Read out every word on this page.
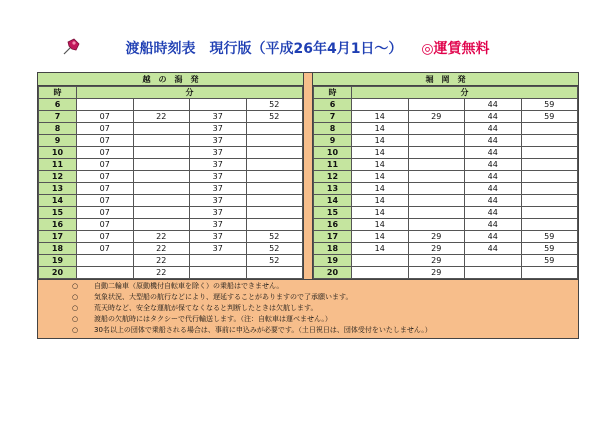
渡船時刻表　現行版（平成26年4月1日～） ◎運賃無料
越　の　潟　発	堀　岡　発
時	分			
6				52
7	07	22	37	52
8	07		37	
9	07		37	
10	07		37	
11	07		37	
12	07		37	
13	07		37	
14	07		37	
15	07		37	
16	07		37	
17	07	22	37	52
18	07	22	37	52
19		22		52
20		22		
時	分			
6			44	59
7	14	29	44	59
8	14		44	
9	14		44	
10	14		44	
11	14		44	
12	14		44	
13	14		44	
14	14		44	
15	14		44	
16	14		44	
17	14	29	44	59
18	14	29	44	59
19		29		59
20		29		
○ 自動二輪車（原動機付自転車を除く）の乗船はできません。
○ 気象状況、大型船の航行などにより、遅延することがありますので了承願います。
○ 荒天時など、安全な運航が保てなくなると判断したときは欠航します。
○ 渡船の欠航時にはタクシーで代行輸送します。（注：自転車は運べません。）
○ 30名以上の団体で乗船される場合は、事前に申込みが必要です。（土日祝日は、団体受付をいたしません。）
